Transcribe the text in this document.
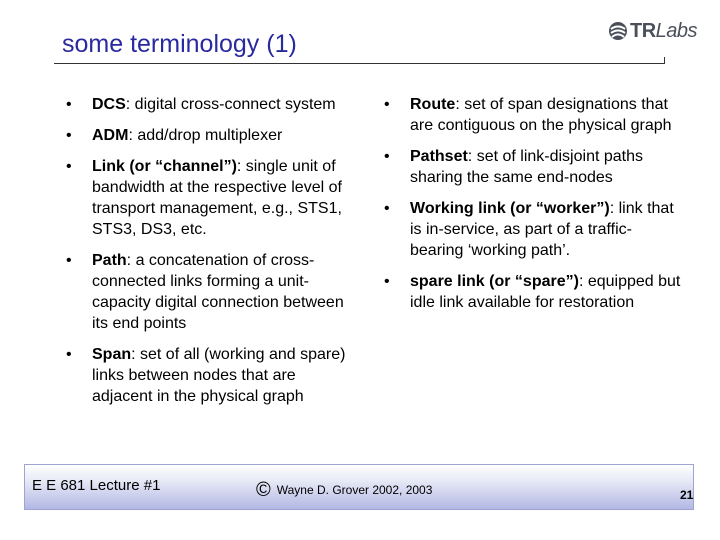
some terminology (1)	TRLabs
•	DCS: digital cross-connect system
•	ADM: add/drop multiplexer
•	Link (or “channel”): single unit of bandwidth at the respective level of transport management, e.g., STS1, STS3, DS3, etc.
•	Path: a concatenation of cross-connected links forming a unit-capacity digital connection between its end points
•	Span: set of all (working and spare) links between nodes that are adjacent in the physical graph
•	Route: set of span designations that are contiguous on the physical graph
•	Pathset: set of link-disjoint paths sharing the same end-nodes
•	Working link (or “worker”): link that is in-service, as part of a traffic-bearing ‘working path’.
•	spare link (or “spare”): equipped but idle link available for restoration
E E 681 Lecture #1	© Wayne D. Grover 2002, 2003	21
